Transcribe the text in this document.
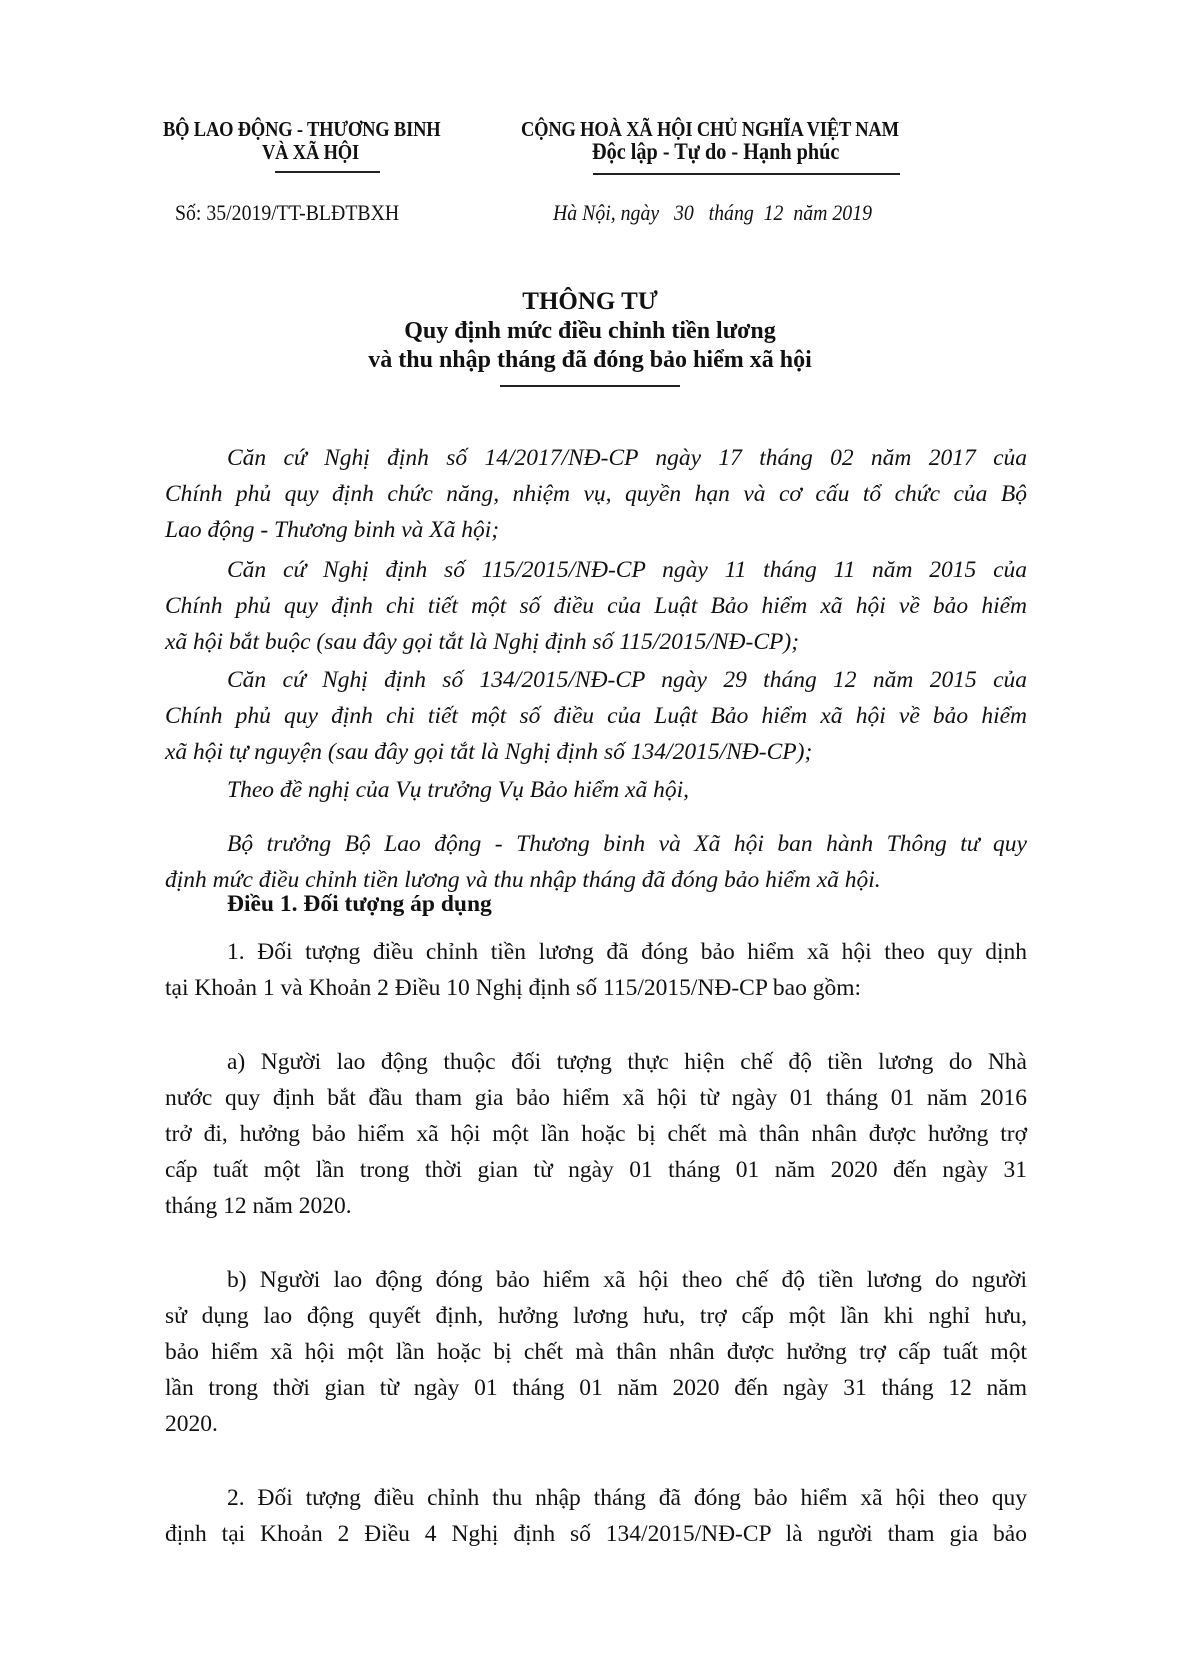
BỘ LAO ĐỘNG - THƯƠNG BINH
VÀ XÃ HỘI
CỘNG HOÀ XÃ HỘI CHỦ NGHĨA VIỆT NAM
Độc lập - Tự do - Hạnh phúc
Số: 35/2019/TT-BLĐTBXH	Hà Nội, ngày   30   tháng  12  năm 2019
THÔNG TƯ
Quy định mức điều chỉnh tiền lương
và thu nhập tháng đã đóng bảo hiểm xã hội
Căn cứ Nghị định số 14/2017/NĐ-CP ngày 17 tháng 02 năm 2017 của
Chính phủ quy định chức năng, nhiệm vụ, quyền hạn và cơ cấu tổ chức của Bộ
Lao động - Thương binh và Xã hội;
Căn cứ Nghị định số 115/2015/NĐ-CP ngày 11 tháng 11 năm 2015 của
Chính phủ quy định chi tiết một số điều của Luật Bảo hiểm xã hội về bảo hiểm
xã hội bắt buộc (sau đây gọi tắt là Nghị định số 115/2015/NĐ-CP);
Căn cứ Nghị định số 134/2015/NĐ-CP ngày 29 tháng 12 năm 2015 của
Chính phủ quy định chi tiết một số điều của Luật Bảo hiểm xã hội về bảo hiểm
xã hội tự nguyện (sau đây gọi tắt là Nghị định số 134/2015/NĐ-CP);
Theo đề nghị của Vụ trưởng Vụ Bảo hiểm xã hội,
Bộ trưởng Bộ Lao động - Thương binh và Xã hội ban hành Thông tư quy
định mức điều chỉnh tiền lương và thu nhập tháng đã đóng bảo hiểm xã hội.
Điều 1. Đối tượng áp dụng
1. Đối tượng điều chỉnh tiền lương đã đóng bảo hiểm xã hội theo quy dịnh
tại Khoản 1 và Khoản 2 Điều 10 Nghị định số 115/2015/NĐ-CP bao gồm:
a) Người lao động thuộc đối tượng thực hiện chế độ tiền lương do Nhà
nước quy định bắt đầu tham gia bảo hiểm xã hội từ ngày 01 tháng 01 năm 2016
trở đi, hưởng bảo hiểm xã hội một lần hoặc bị chết mà thân nhân được hưởng trợ
cấp tuất một lần trong thời gian từ ngày 01 tháng 01 năm 2020 đến ngày 31
tháng 12 năm 2020.
b) Người lao động đóng bảo hiểm xã hội theo chế độ tiền lương do người
sử dụng lao động quyết định, hưởng lương hưu, trợ cấp một lần khi nghỉ hưu,
bảo hiểm xã hội một lần hoặc bị chết mà thân nhân được hưởng trợ cấp tuất một
lần trong thời gian từ ngày 01 tháng 01 năm 2020 đến ngày 31 tháng 12 năm
2020.
2. Đối tượng điều chỉnh thu nhập tháng đã đóng bảo hiểm xã hội theo quy
định tại Khoản 2 Điều 4 Nghị định số 134/2015/NĐ-CP là người tham gia bảo
